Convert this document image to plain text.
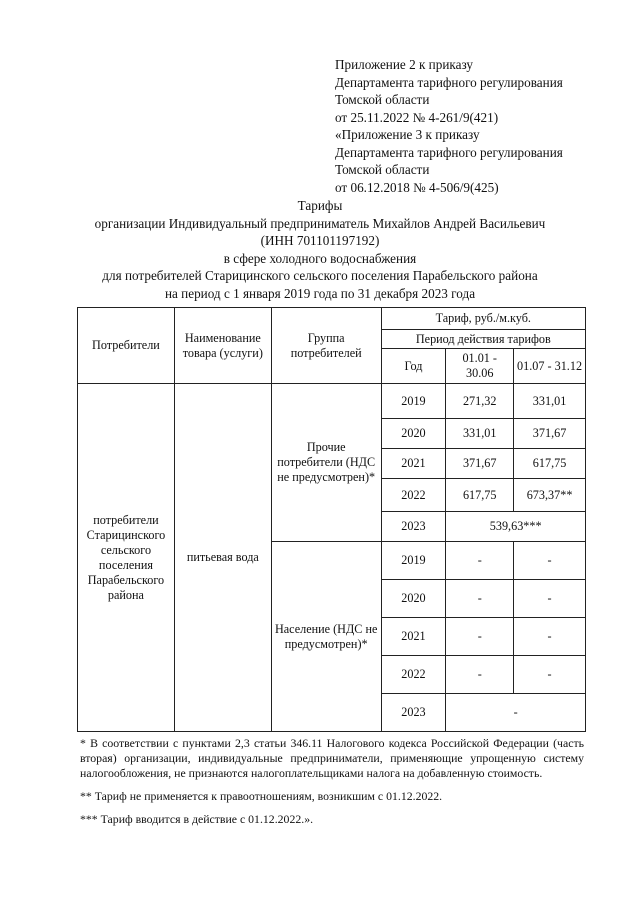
Приложение 2 к приказу
Департамента тарифного регулирования
Томской области
от 25.11.2022 № 4-261/9(421)
«Приложение 3 к приказу
Департамента тарифного регулирования
Томской области
от 06.12.2018 № 4-506/9(425)
Тарифы
организации Индивидуальный предприниматель Михайлов Андрей Васильевич
(ИНН 701101197192)
в сфере холодного водоснабжения
для потребителей Старицинского сельского поселения Парабельского района
на период с 1 января 2019 года по 31 декабря 2023 года
Потребители	Наименование товара (услуги)	Группа потребителей	Тариф, руб./м.куб.		
			Период действия тарифов		
			Год	01.01 - 30.06	01.07 - 31.12
потребители Старицинского сельского поселения Парабельского района	питьевая вода	Прочие потребители (НДС не предусмотрен)*	2019	271,32	331,01
			2020	331,01	371,67
			2021	371,67	617,75
			2022	617,75	673,37**
			2023	539,63***	
		Население (НДС не предусмотрен)*	2019	-	-
			2020	-	-
			2021	-	-
			2022	-	-
			2023	-	

* В соответствии с пунктами 2,3 статьи 346.11 Налогового кодекса Российской Федерации (часть вторая) организации, индивидуальные предприниматели, применяющие упрощенную систему налогообложения, не признаются налогоплательщиками налога на добавленную стоимость.

** Тариф не применяется к правоотношениям, возникшим с 01.12.2022.

*** Тариф вводится в действие с 01.12.2022.».
